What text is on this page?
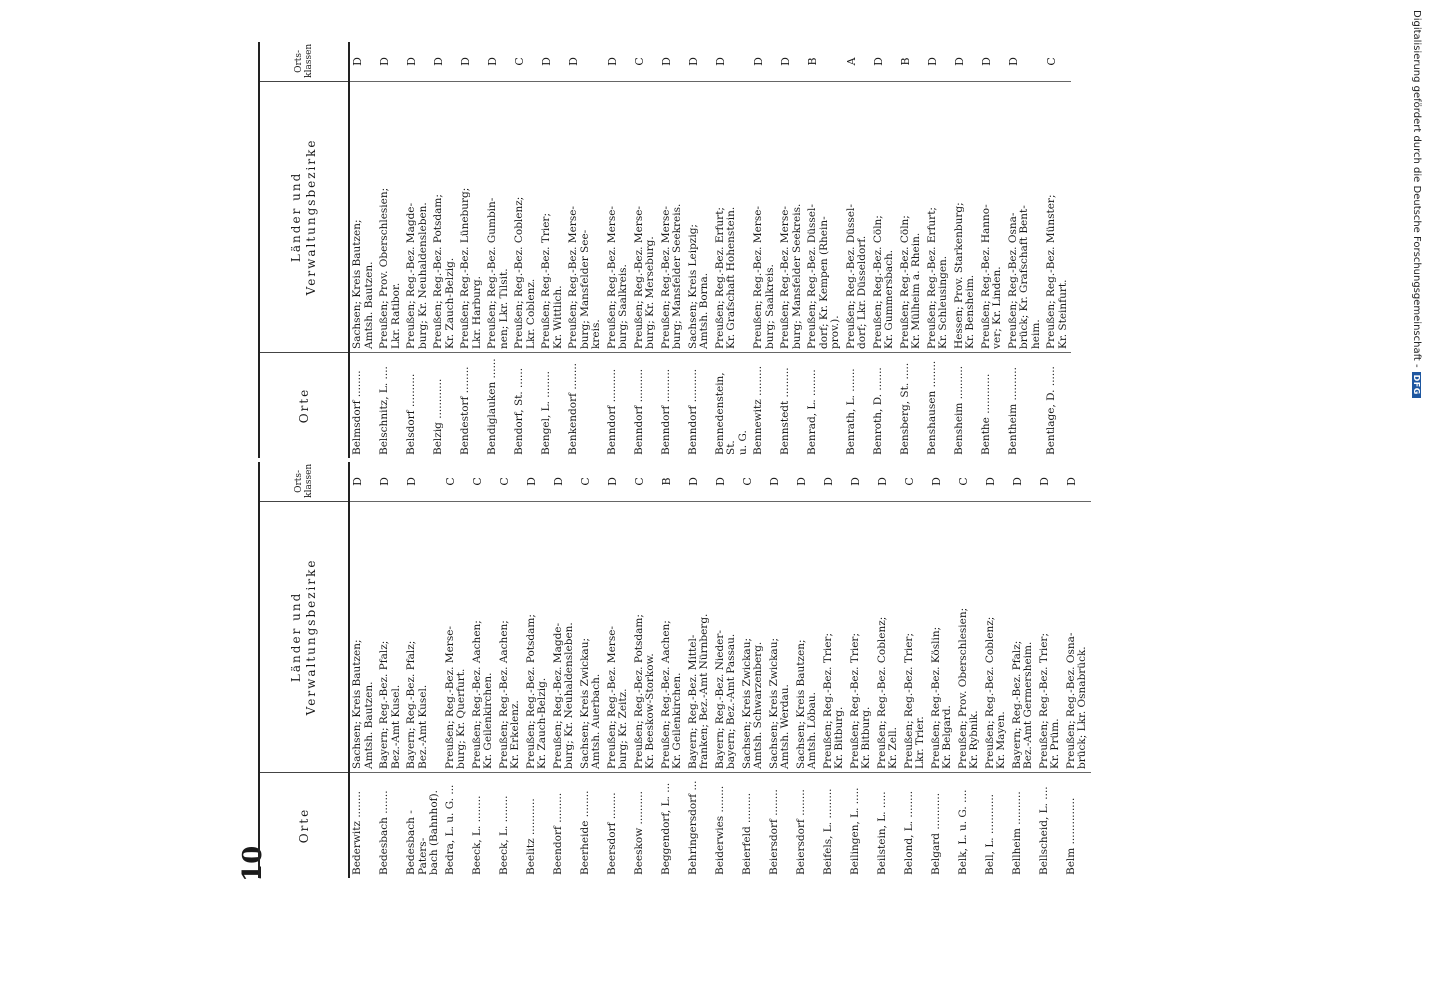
10
Orte	Länder und
Verwaltungsbezirke	Orts-
klassen
Bederwitz ........	Sachsen; Kreis Bautzen;
Amtsh. Bautzen.	D
Bedesbach .......	Bayern; Reg.-Bez. Pfalz;
Bez.-Amt Kusel.	D
Bedesbach - Paters-
bach (Bahnhof).	Bayern; Reg.-Bez. Pfalz;
Bez.-Amt Kusel.	D
Bedra, L. u. G. ...	Preußen; Reg.-Bez. Merse-
burg; Kr. Querfurt.	C
Beeck, L. ........	Preußen; Reg.-Bez. Aachen;
Kr. Geilenkirchen.	C
Beeck, L. ........	Preußen; Reg.-Bez. Aachen;
Kr. Erkelenz.	C
Beelitz ...........	Preußen; Reg.-Bez. Potsdam;
Kr. Zauch-Belzig.	D
Beendorf .........	Preußen; Reg.-Bez. Magde-
burg; Kr. Neuhaldensleben.	D
Beerheide ........	Sachsen; Kreis Zwickau;
Amtsh. Auerbach.	C
Beersdorf ........	Preußen; Reg.-Bez. Merse-
burg; Kr. Zeitz.	D
Beeskow ..........	Preußen; Reg.-Bez. Potsdam;
Kr. Beeskow-Storkow.	C
Beggendorf, L. ...	Preußen; Reg.-Bez. Aachen;
Kr. Geilenkirchen.	B
Behringersdorf ...	Bayern; Reg.-Bez. Mittel-
franken; Bez.-Amt Nürnberg.	D
Beiderwies ........	Bayern; Reg.-Bez. Nieder-
bayern; Bez.-Amt Passau.	D
Beierfeld .........	Sachsen; Kreis Zwickau;
Amtsh. Schwarzenberg.	C
Beiersdorf ........	Sachsen; Kreis Zwickau;
Amtsh. Werdau.	D
Beiersdorf ........	Sachsen; Kreis Bautzen;
Amtsh. Löbau.	D
Beifels, L. .........	Preußen; Reg.-Bez. Trier;
Kr. Bitburg.	D
Beilingen, L. .....	Preußen; Reg.-Bez. Trier;
Kr. Bitburg.	D
Beilstein, L. .....	Preußen; Reg.-Bez. Coblenz;
Kr. Zell.	D
Belond, L. ........	Preußen; Reg.-Bez. Trier;
Lkr. Trier.	C
Belgard ...........	Preußen; Reg.-Bez. Köslin;
Kr. Belgard.	D
Belk, L. u. G. ....	Preußen; Prov. Oberschlesien;
Kr. Rybnik.	C
Bell, L. ............	Preußen; Reg.-Bez. Coblenz;
Kr. Mayen.	D
Bellheim ..........	Bayern; Reg.-Bez. Pfalz;
Bez.-Amt Germersheim.	D
Bellscheid, L. ....	Preußen; Reg.-Bez. Trier;
Kr. Prüm.	D
Belm ..............	Preußen; Reg.-Bez. Osna-
brück; Lkr. Osnabrück.	D
Orte	Länder und
Verwaltungsbezirke	Orts-
klassen
Belmsdorf ........	Sachsen; Kreis Bautzen;
Amtsh. Bautzen.	D
Belschnitz, L. ....	Preußen; Prov. Oberschlesien;
Lkr. Ratibor.	D
Belsdorf ..........	Preußen; Reg.-Bez. Magde-
burg; Kr. Neuhaldensleben.	D
Belzig ............	Preußen; Reg.-Bez. Potsdam;
Kr. Zauch-Belzig.	D
Bendestorf ........	Preußen; Reg.-Bez. Lüneburg;
Lkr. Harburg.	D
Bendiglauken ......	Preußen; Reg.-Bez. Gumbin-
nen; Lkr. Tilsit.	D
Bendorf, St. ......	Preußen; Reg.-Bez. Coblenz;
Lkr. Coblenz.	C
Bengel, L. ........	Preußen; Reg.-Bez. Trier;
Kr. Wittlich.	D
Benkendorf ........	Preußen; Reg.-Bez. Merse-
burg; Mansfelder See-
kreis.	D
Benndorf ..........	Preußen; Reg.-Bez. Merse-
burg; Saalkreis.	D
Benndorf ..........	Preußen; Reg.-Bez. Merse-
burg; Kr. Merseburg.	C
Benndorf ..........	Preußen; Reg.-Bez. Merse-
burg; Mansfelder Seekreis.	D
Benndorf ..........	Sachsen; Kreis Leipzig;
Amtsh. Borna.	D
Bennedenstein, St.
u. G.	Preußen; Reg.-Bez. Erfurt;
Kr. Grafschaft Hohenstein.	D
Bennewitz .........	Preußen; Reg.-Bez. Merse-
burg; Saalkreis.	D
Bennstedt .........	Preußen; Reg.-Bez. Merse-
burg; Mansfelder Seekreis.	D
Benrad, L. ........	Preußen; Reg.-Bez. Düssel-
dorf; Kr. Kempen (Rhein-
prov.).	B
Benrath, L. .......	Preußen; Reg.-Bez. Düssel-
dorf; Lkr. Düsseldorf.	A
Benroth, D. .......	Preußen; Reg.-Bez. Cöln;
Kr. Gummersbach.	D
Bensberg, St. .....	Preußen; Reg.-Bez. Cöln;
Kr. Mülheim a. Rhein.	B
Benshausen ........	Preußen; Reg.-Bez. Erfurt;
Kr. Schleusingen.	D
Bensheim ..........	Hessen; Prov. Starkenburg;
Kr. Bensheim.	D
Benthe ............	Preußen; Reg.-Bez. Hanno-
ver; Kr. Linden.	D
Bentheim ..........	Preußen; Reg.-Bez. Osna-
brück; Kr. Grafschaft Bent-
heim.	D
Bentlage, D. ......	Preußen; Reg.-Bez. Münster;
Kr. Steinfurt.	C	Digitalisierung gefördert durch die Deutsche Forschungsgemeinschaft -DFG
